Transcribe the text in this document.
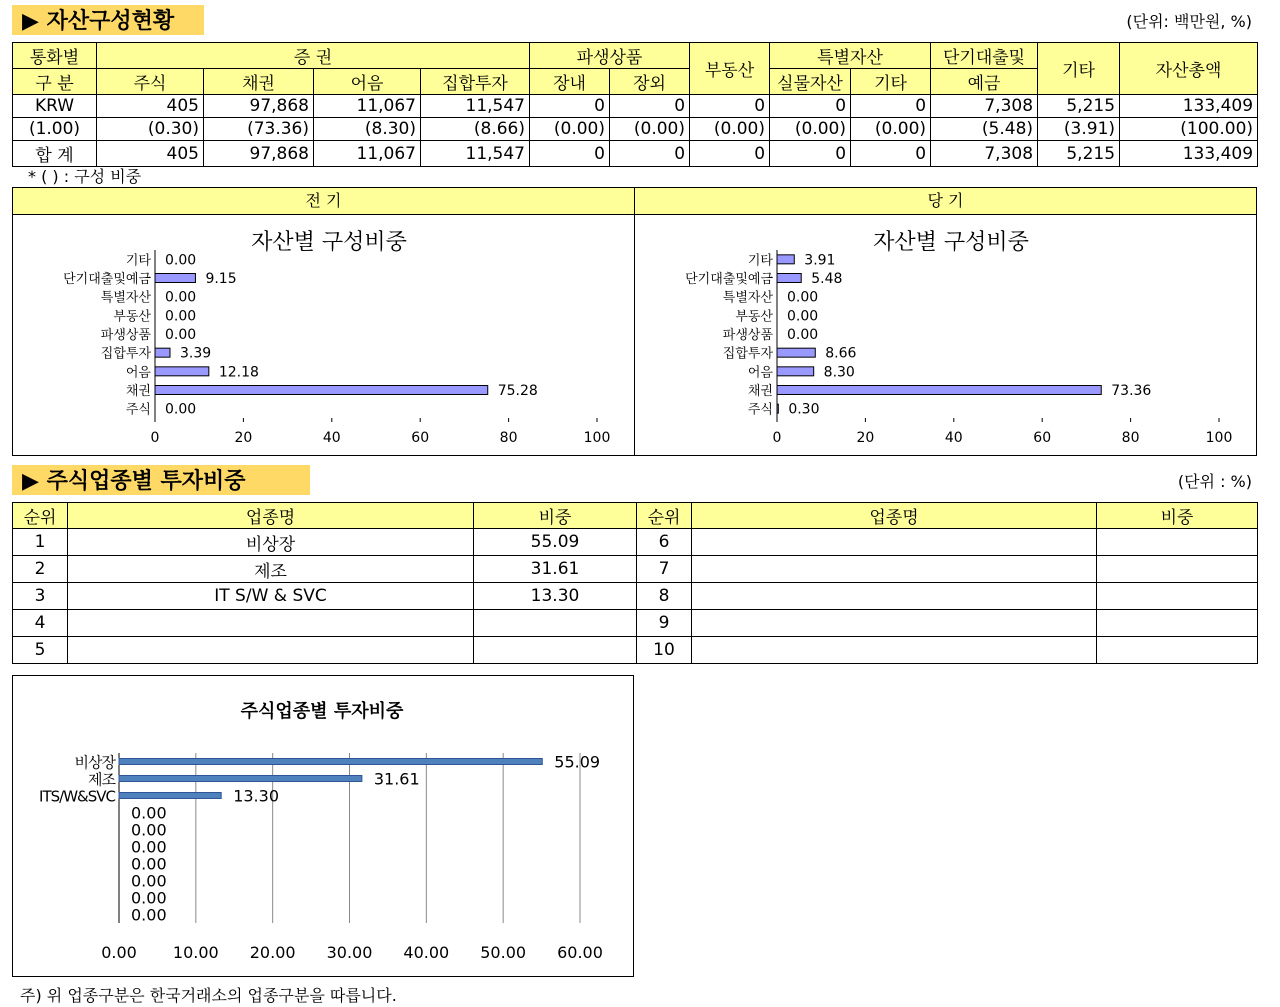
▶ 자산구성현황	(단위: 백만원, %)
통화별	증 권				파생상품		부동산	특별자산		단기대출및	기타	자산총액
구 분	주식	채권	어음	집합투자	장내	장외		실물자산	기타	예금		
KRW	405	97,868	11,067	11,547	0	0	0	0	0	7,308	5,215	133,409
(1.00)	(0.30)	(73.36)	(8.30)	(8.66)	(0.00)	(0.00)	(0.00)	(0.00)	(0.00)	(5.48)	(3.91)	(100.00)
합 계	405	97,868	11,067	11,547	0	0	0	0	0	7,308	5,215	133,409
* ( ) : 구성 비중
전 기	당 기
자산별 구성비중
0	20	40	60	80	100
기타 0.00
단기대출및예금	9.15
특별자산 0.00
부동산 0.00
파생상품 0.00
집합투자 3.39
어음	12.18
채권	75.28
주식 0.00
자산별 구성비중
0	20	40	60	80	100
기타 3.91
단기대출및예금	5.48
특별자산 0.00
부동산 0.00
파생상품 0.00
집합투자	8.66
어음	8.30
채권	73.36
주식 0.30
▶ 주식업종별 투자비중	(단위 : %)
순위	업종명	비중	순위	업종명	비중
1	비상장	55.09	6		
2	제조	31.61	7		
3	IT S/W & SVC	13.30	8		
4			9		
5			10		
주식업종별 투자비중
0.00 10.00 20.00 30.00 40.00 50.00 60.00
비상장	55.09
제조	31.61
ITS/W&SVC	13.30
0.00
0.00
0.00
0.00
0.00
0.00
0.00
주) 위 업종구분은 한국거래소의 업종구분을 따릅니다.
